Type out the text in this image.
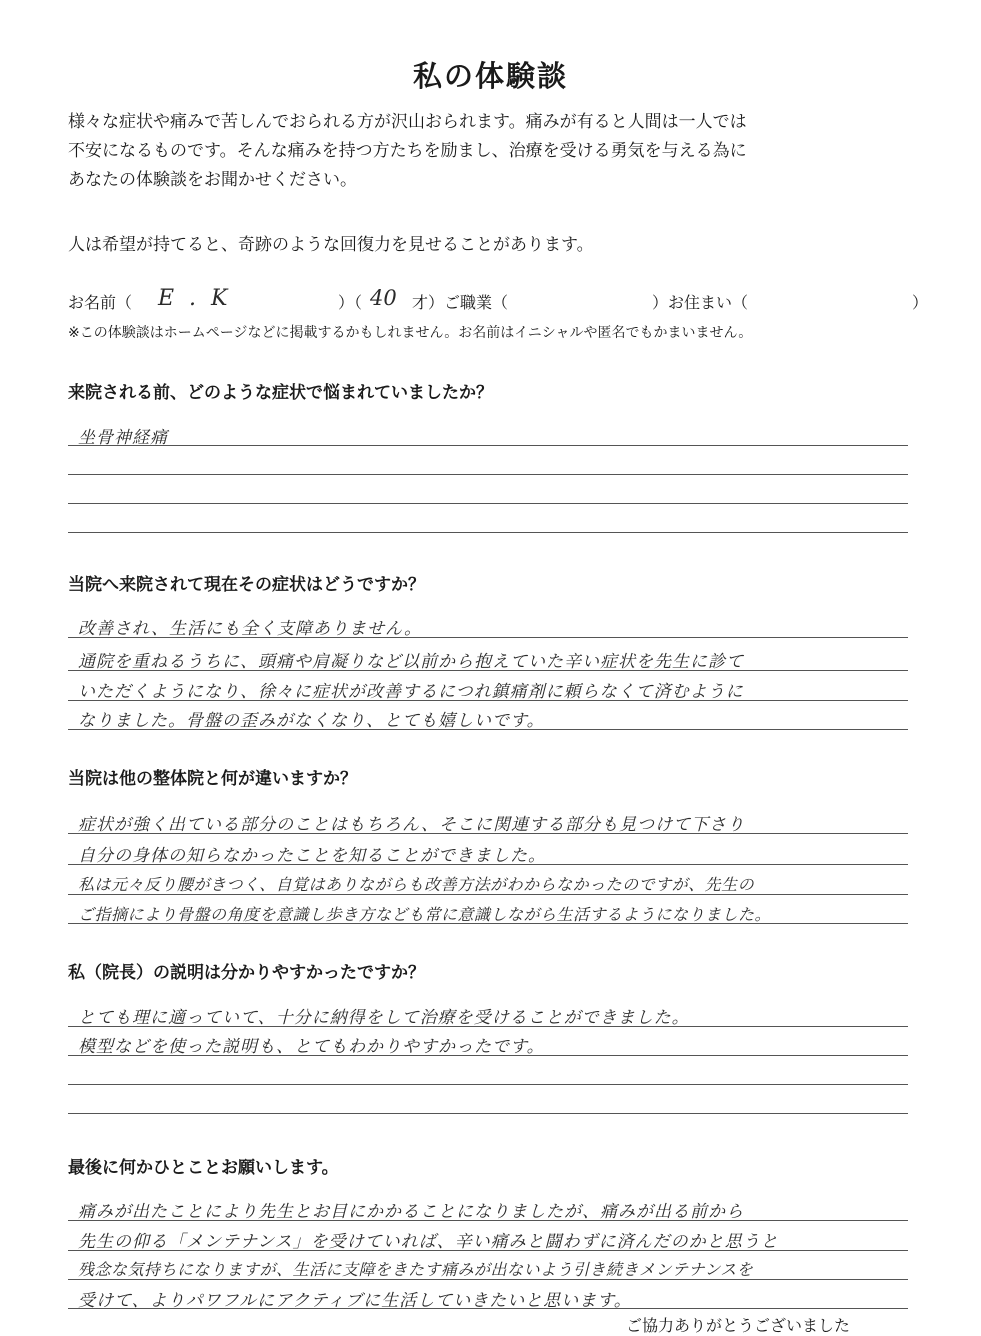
私の体験談
様々な症状や痛みで苦しんでおられる方が沢山おられます。痛みが有ると人間は一人では
不安になるものです。そんな痛みを持つ方たちを励まし、治療を受ける勇気を与える為に
あなたの体験談をお聞かせください。
人は希望が持てると、奇跡のような回復力を見せることがあります。
お名前（ E . K	）（ 40 才）ご職業（	）お住まい（	）
※この体験談はホームページなどに掲載するかもしれません。お名前はイニシャルや匿名でもかまいません。
来院される前、どのような症状で悩まれていましたか？
坐骨神経痛
当院へ来院されて現在その症状はどうですか？
改善され、生活にも全く支障ありません。
通院を重ねるうちに、頭痛や肩凝りなど以前から抱えていた辛い症状を先生に診て
いただくようになり、徐々に症状が改善するにつれ鎮痛剤に頼らなくて済むように
なりました。骨盤の歪みがなくなり、とても嬉しいです。
当院は他の整体院と何が違いますか？
症状が強く出ている部分のことはもちろん、そこに関連する部分も見つけて下さり
自分の身体の知らなかったことを知ることができました。
私は元々反り腰がきつく、自覚はありながらも改善方法がわからなかったのですが、先生の
ご指摘により骨盤の角度を意識し歩き方なども常に意識しながら生活するようになりました。
私（院長）の説明は分かりやすかったですか？
とても理に適っていて、十分に納得をして治療を受けることができました。
模型などを使った説明も、とてもわかりやすかったです。
最後に何かひとことお願いします。
痛みが出たことにより先生とお目にかかることになりましたが、痛みが出る前から
先生の仰る「メンテナンス」を受けていれば、辛い痛みと闘わずに済んだのかと思うと
残念な気持ちになりますが、生活に支障をきたす痛みが出ないよう引き続きメンテナンスを
受けて、よりパワフルにアクティブに生活していきたいと思います。
ご協力ありがとうございました
